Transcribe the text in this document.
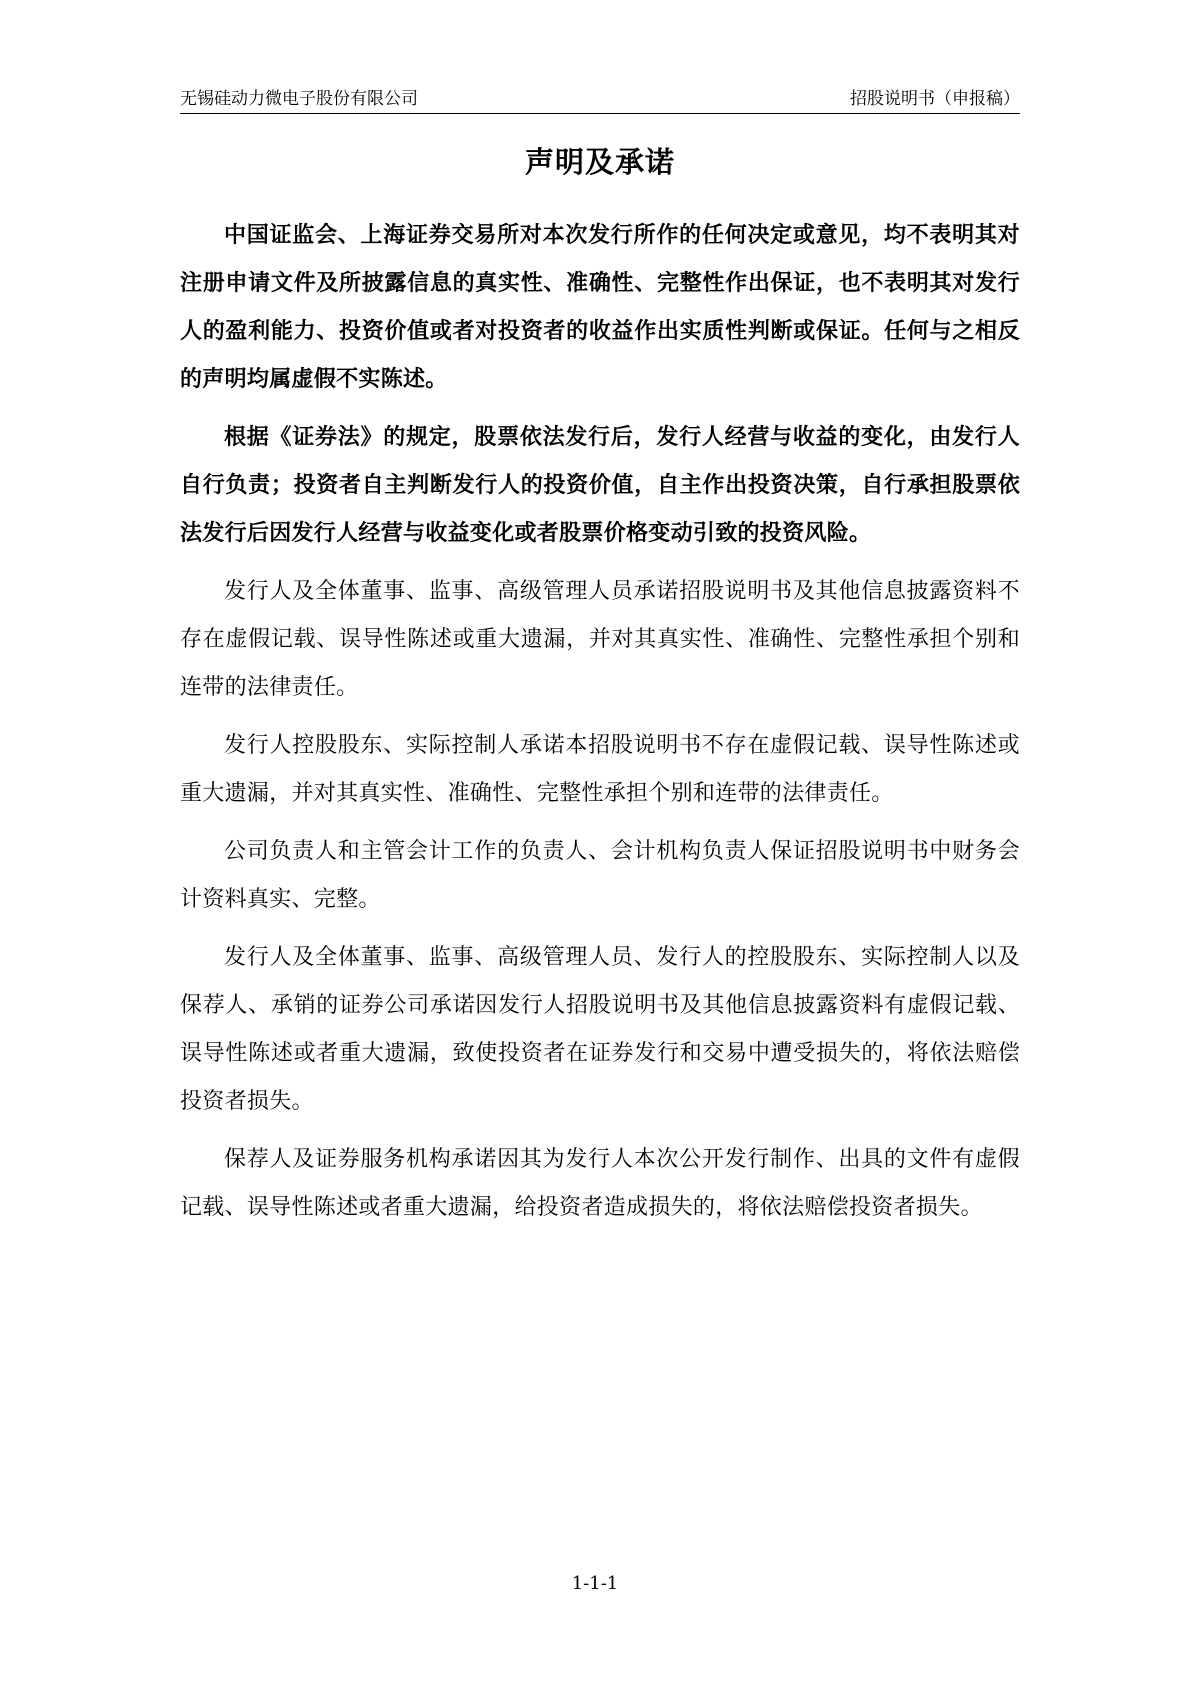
无锡硅动力微电子股份有限公司	招股说明书（申报稿）
声明及承诺

中国证监会、上海证券交易所对本次发行所作的任何决定或意见，均不表明其对注册申请文件及所披露信息的真实性、准确性、完整性作出保证，也不表明其对发行人的盈利能力、投资价值或者对投资者的收益作出实质性判断或保证。任何与之相反的声明均属虚假不实陈述。

根据《证券法》的规定，股票依法发行后，发行人经营与收益的变化，由发行人自行负责；投资者自主判断发行人的投资价值，自主作出投资决策，自行承担股票依法发行后因发行人经营与收益变化或者股票价格变动引致的投资风险。

发行人及全体董事、监事、高级管理人员承诺招股说明书及其他信息披露资料不存在虚假记载、误导性陈述或重大遗漏，并对其真实性、准确性、完整性承担个别和连带的法律责任。

发行人控股股东、实际控制人承诺本招股说明书不存在虚假记载、误导性陈述或重大遗漏，并对其真实性、准确性、完整性承担个别和连带的法律责任。

公司负责人和主管会计工作的负责人、会计机构负责人保证招股说明书中财务会计资料真实、完整。

发行人及全体董事、监事、高级管理人员、发行人的控股股东、实际控制人以及保荐人、承销的证券公司承诺因发行人招股说明书及其他信息披露资料有虚假记载、误导性陈述或者重大遗漏，致使投资者在证券发行和交易中遭受损失的，将依法赔偿投资者损失。

保荐人及证券服务机构承诺因其为发行人本次公开发行制作、出具的文件有虚假记载、误导性陈述或者重大遗漏，给投资者造成损失的，将依法赔偿投资者损失。

1-1-1
